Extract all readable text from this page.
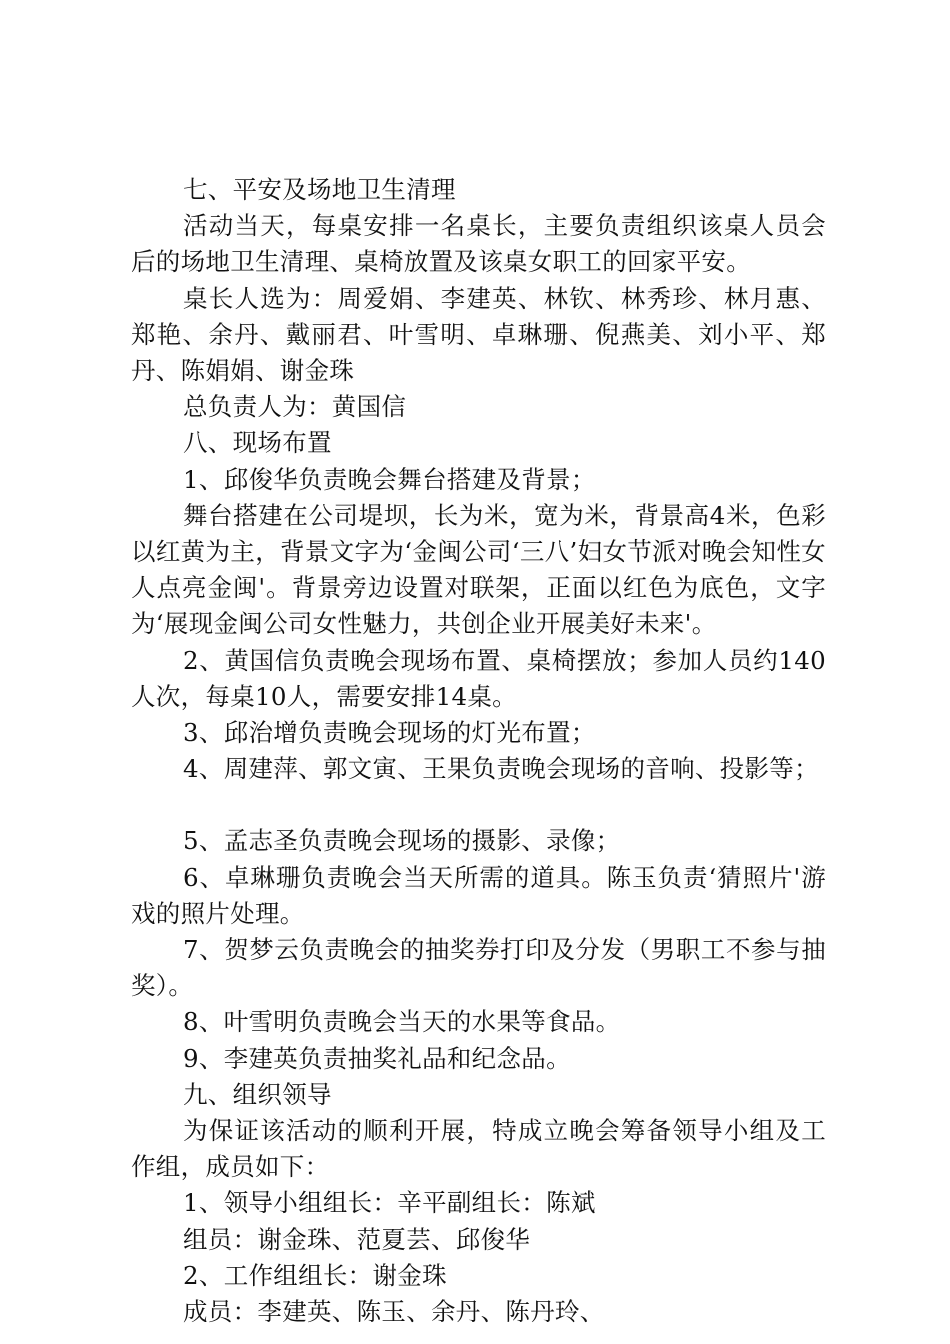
七、平安及场地卫生清理

活动当天，每桌安排一名桌长，主要负责组织该桌人员会后的场地卫生清理、桌椅放置及该桌女职工的回家平安。

桌长人选为：周爱娟、李建英、林钦、林秀珍、林月惠、郑艳、余丹、戴丽君、叶雪明、卓琳珊、倪燕美、刘小平、郑丹、陈娟娟、谢金珠

总负责人为：黄国信

八、现场布置

1、邱俊华负责晚会舞台搭建及背景；

舞台搭建在公司堤坝，长为米，宽为米，背景高4米，色彩以红黄为主，背景文字为‘金闽公司‘三八’妇女节派对晚会知性女人点亮金闽'。背景旁边设置对联架，正面以红色为底色，文字为‘展现金闽公司女性魅力，共创企业开展美好未来'。

2、黄国信负责晚会现场布置、桌椅摆放；参加人员约140人次，每桌10人，需要安排14桌。

3、邱治增负责晚会现场的灯光布置；

4、周建萍、郭文寅、王果负责晚会现场的音响、投影等；

5、孟志圣负责晚会现场的摄影、录像；

6、卓琳珊负责晚会当天所需的道具。陈玉负责‘猜照片'游戏的照片处理。

7、贺梦云负责晚会的抽奖券打印及分发（男职工不参与抽奖）。

8、叶雪明负责晚会当天的水果等食品。

9、李建英负责抽奖礼品和纪念品。

九、组织领导

为保证该活动的顺利开展，特成立晚会筹备领导小组及工作组，成员如下：

1、领导小组组长：辛平副组长：陈斌

组员：谢金珠、范夏芸、邱俊华

2、工作组组长：谢金珠

成员：李建英、陈玉、余丹、陈丹玲、
